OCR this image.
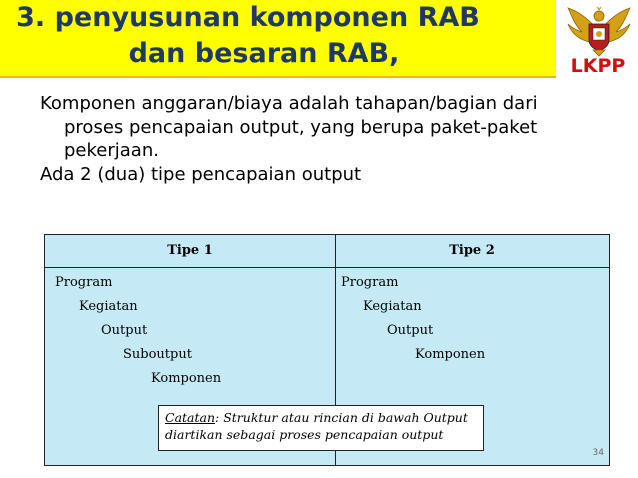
3. penyusunan komponen RAB
dan besaran RAB,	LKPP

Komponen anggaran/biaya adalah tahapan/bagian dari
proses pencapaian output, yang berupa paket-paket
pekerjaan.

Ada 2 (dua) tipe pencapaian output

Tipe 1	Tipe 2
Program
Kegiatan
Output
Suboutput
Komponen
Program
Kegiatan
Output
Komponen
Catatan: Struktur atau rincian di bawah Output
diartikan sebagai proses pencapaian output
34
